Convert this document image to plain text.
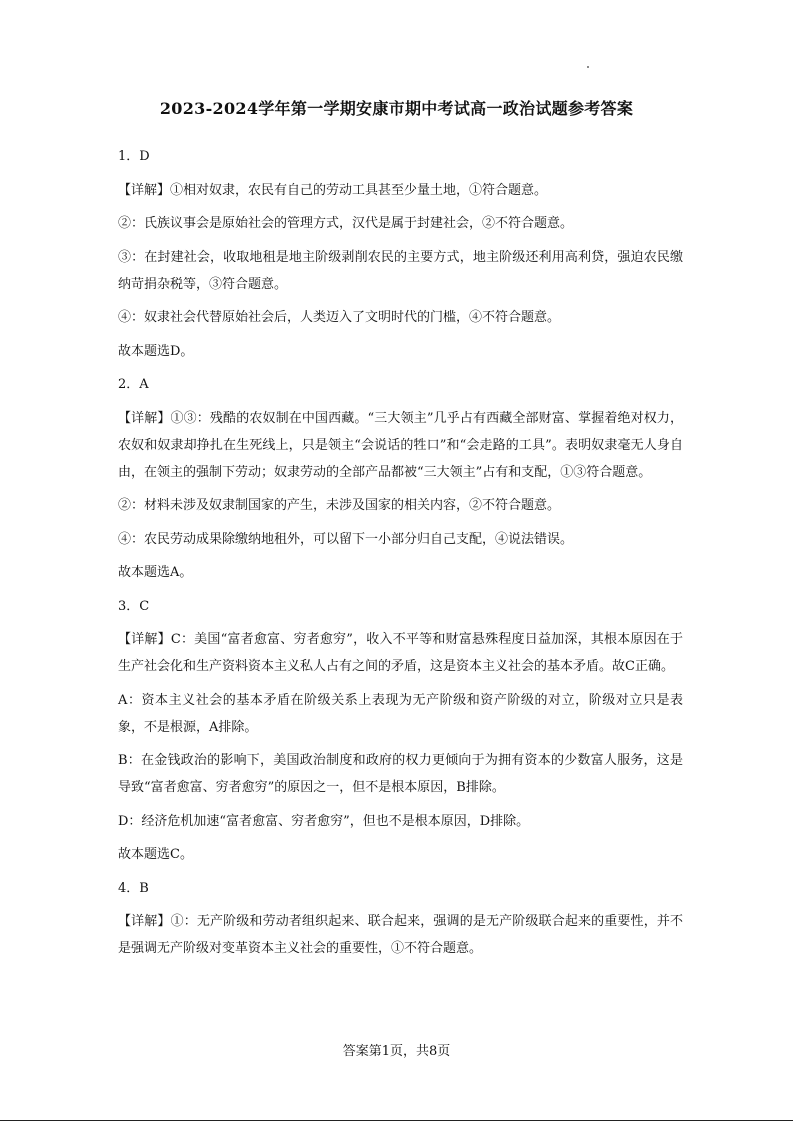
2023-2024学年第一学期安康市期中考试高一政治试题参考答案

1．D

【详解】①相对奴隶，农民有自己的劳动工具甚至少量土地，①符合题意。

②：氏族议事会是原始社会的管理方式，汉代是属于封建社会，②不符合题意。

③：在封建社会，收取地租是地主阶级剥削农民的主要方式，地主阶级还利用高利贷，强迫农民缴纳苛捐杂税等，③符合题意。

④：奴隶社会代替原始社会后，人类迈入了文明时代的门槛，④不符合题意。

故本题选D。

2．A

【详解】①③：残酷的农奴制在中国西藏。“三大领主”几乎占有西藏全部财富、掌握着绝对权力，农奴和奴隶却挣扎在生死线上，只是领主“会说话的牲口”和“会走路的工具”。表明奴隶毫无人身自由，在领主的强制下劳动；奴隶劳动的全部产品都被“三大领主”占有和支配，①③符合题意。

②：材料未涉及奴隶制国家的产生，未涉及国家的相关内容，②不符合题意。

④：农民劳动成果除缴纳地租外，可以留下一小部分归自己支配，④说法错误。

故本题选A。

3．C

【详解】C：美国“富者愈富、穷者愈穷”，收入不平等和财富悬殊程度日益加深，其根本原因在于生产社会化和生产资料资本主义私人占有之间的矛盾，这是资本主义社会的基本矛盾。故C正确。

A：资本主义社会的基本矛盾在阶级关系上表现为无产阶级和资产阶级的对立，阶级对立只是表象，不是根源，A排除。

B：在金钱政治的影响下，美国政治制度和政府的权力更倾向于为拥有资本的少数富人服务，这是导致“富者愈富、穷者愈穷”的原因之一，但不是根本原因，B排除。

D：经济危机加速“富者愈富、穷者愈穷”，但也不是根本原因，D排除。

故本题选C。

4．B

【详解】①：无产阶级和劳动者组织起来、联合起来，强调的是无产阶级联合起来的重要性，并不是强调无产阶级对变革资本主义社会的重要性，①不符合题意。

答案第1页，共8页
